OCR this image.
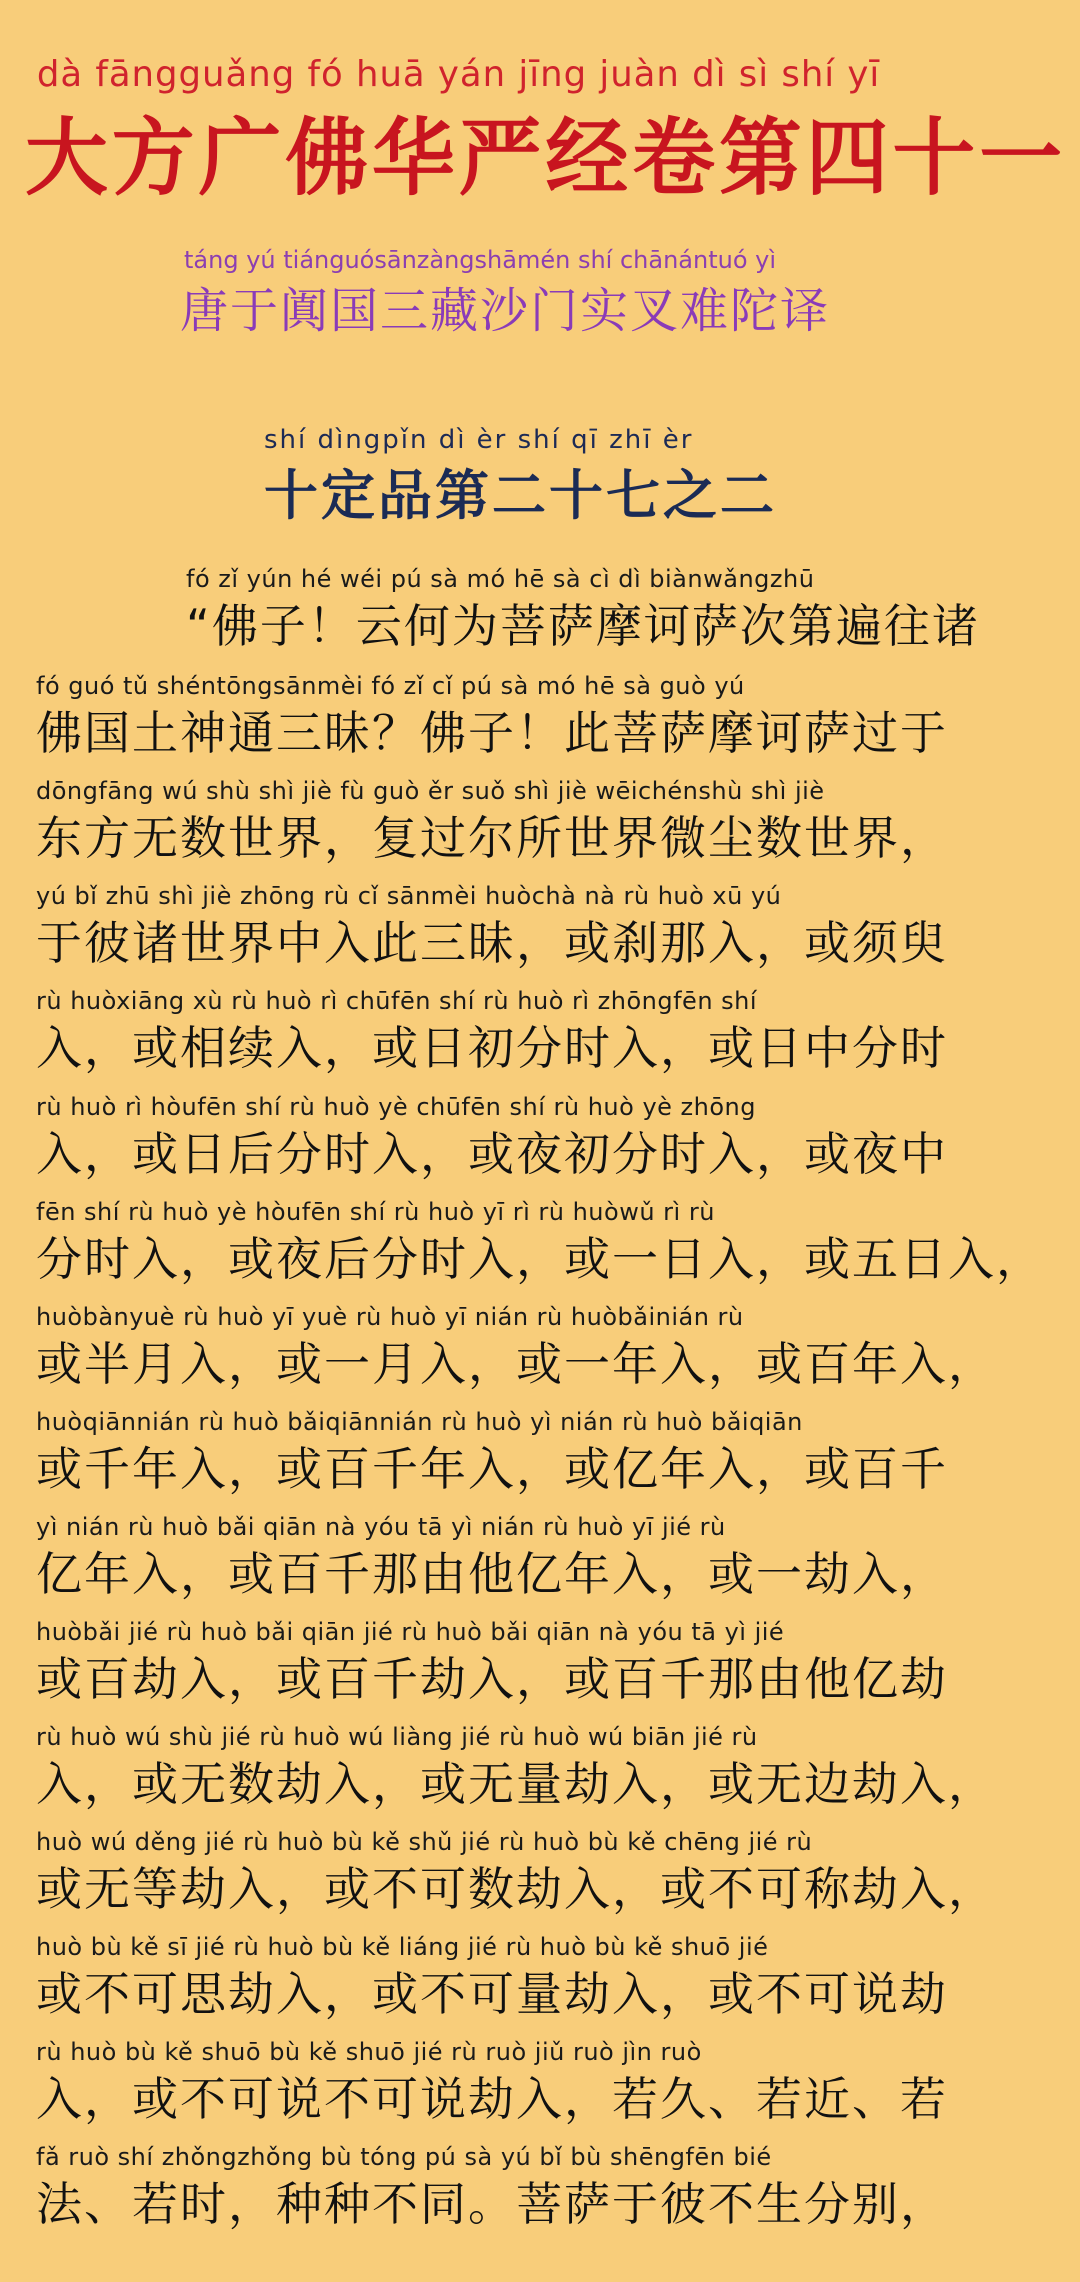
dà fāngguǎng fó huā yán jīng juàn dì sì shí yī
大方广佛华严经卷第四十一
táng yú tiánguósānzàngshāmén shí chānántuó yì
唐于阗国三藏沙门实叉难陀译
shí dìngpǐn dì èr shí qī zhī èr
十定品第二十七之二
fó zǐ yún hé wéi pú sà mó hē sà cì dì biànwǎngzhū
“佛子！云何为菩萨摩诃萨次第遍往诸
fó guó tǔ shéntōngsānmèi fó zǐ cǐ pú sà mó hē sà guò yú
佛国土神通三昧？佛子！此菩萨摩诃萨过于
dōngfāng wú shù shì jiè fù guò ěr suǒ shì jiè wēichénshù shì jiè
东方无数世界，复过尔所世界微尘数世界，
yú bǐ zhū shì jiè zhōng rù cǐ sānmèi huòchà nà rù huò xū yú
于彼诸世界中入此三昧，或刹那入，或须臾
rù huòxiāng xù rù huò rì chūfēn shí rù huò rì zhōngfēn shí
入，或相续入，或日初分时入，或日中分时
rù huò rì hòufēn shí rù huò yè chūfēn shí rù huò yè zhōng
入，或日后分时入，或夜初分时入，或夜中
fēn shí rù huò yè hòufēn shí rù huò yī rì rù huòwǔ rì rù
分时入，或夜后分时入，或一日入，或五日入，
huòbànyuè rù huò yī yuè rù huò yī nián rù huòbǎinián rù
或半月入，或一月入，或一年入，或百年入，
huòqiānnián rù huò bǎiqiānnián rù huò yì nián rù huò bǎiqiān
或千年入，或百千年入，或亿年入，或百千
yì nián rù huò bǎi qiān nà yóu tā yì nián rù huò yī jié rù
亿年入，或百千那由他亿年入，或一劫入，
huòbǎi jié rù huò bǎi qiān jié rù huò bǎi qiān nà yóu tā yì jié
或百劫入，或百千劫入，或百千那由他亿劫
rù huò wú shù jié rù huò wú liàng jié rù huò wú biān jié rù
入，或无数劫入，或无量劫入，或无边劫入，
huò wú děng jié rù huò bù kě shǔ jié rù huò bù kě chēng jié rù
或无等劫入，或不可数劫入，或不可称劫入，
huò bù kě sī jié rù huò bù kě liáng jié rù huò bù kě shuō jié
或不可思劫入，或不可量劫入，或不可说劫
rù huò bù kě shuō bù kě shuō jié rù ruò jiǔ ruò jìn ruò
入，或不可说不可说劫入，若久、若近、若
fǎ ruò shí zhǒngzhǒng bù tóng pú sà yú bǐ bù shēngfēn bié
法、若时，种种不同。菩萨于彼不生分别，
